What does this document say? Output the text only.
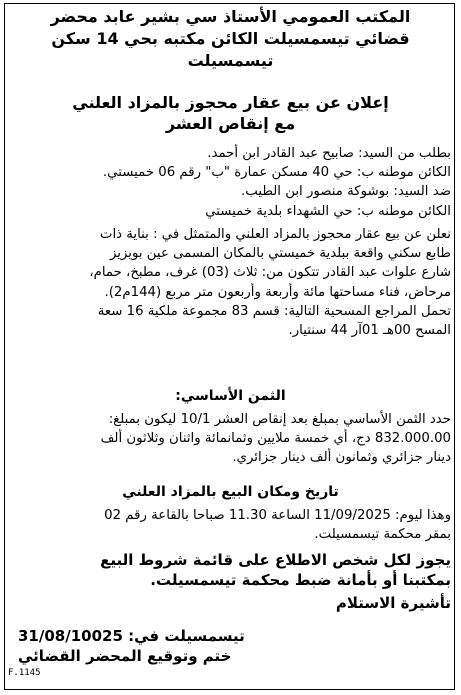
المكتب العمومي الأستاذ سي بشير عابد محضر
قضائي تيسمسيلت الكائن مكتبه بحي 14 سكن
تيسمسيلت
إعلان عن بيع عقار محجوز بالمزاد العلني
مع إنقاص العشر
بطلب من السيد: صابيح عبد القادر ابن أحمد.
الكائن موطنه ب: حي 40 مسكن عمارة "ب" رقم 06 خميستي.
ضد السيد: بوشوكة منصور ابن الطيب.
الكائن موطنه ب: حي الشهداء بلدية خميستي
نعلن عن بيع عقار محجوز بالمزاد العلني والمتمثل في : بناية ذات
طابع سكني واقعة ببلدية خميستي بالمكان المسمى عين بويزيز
شارع علوات عبد القادر تتكون من: ثلاث (03) غرف، مطبخ، حمام،
مرحاض، فناء مساحتها مائة وأربعة وأربعون متر مربع (144م2).
تحمل المراجع المسحية التالية: قسم 83 مجموعة ملكية 16 سعة
المسح 00هـ 01آر 44 سنتيار.
الثمن الأساسي:
حدد الثمن الأساسي بمبلغ بعد إنقاص العشر 10/1 ليكون بمبلغ:
832.000.00 دج، أي خمسة ملايين وثمانمائة واثنان وثلاثون ألف
دينار جزائري وثمانون ألف دينار جزائري.
تاريخ ومكان البيع بالمزاد العلني
وهذا ليوم: 11/09/2025 الساعة 11.30 صباحا بالقاعة رقم 02
بمقر محكمة تيسمسيلت.
يجوز لكل شخص الاطلاع على قائمة شروط البيع
بمكتبنا أو بأمانة ضبط محكمة تيسمسيلت.
تأشيرة الاستلام
تيسمسيلت في: 31/08/10025
ختم وتوقيع المحضر القضائي
F.1145
